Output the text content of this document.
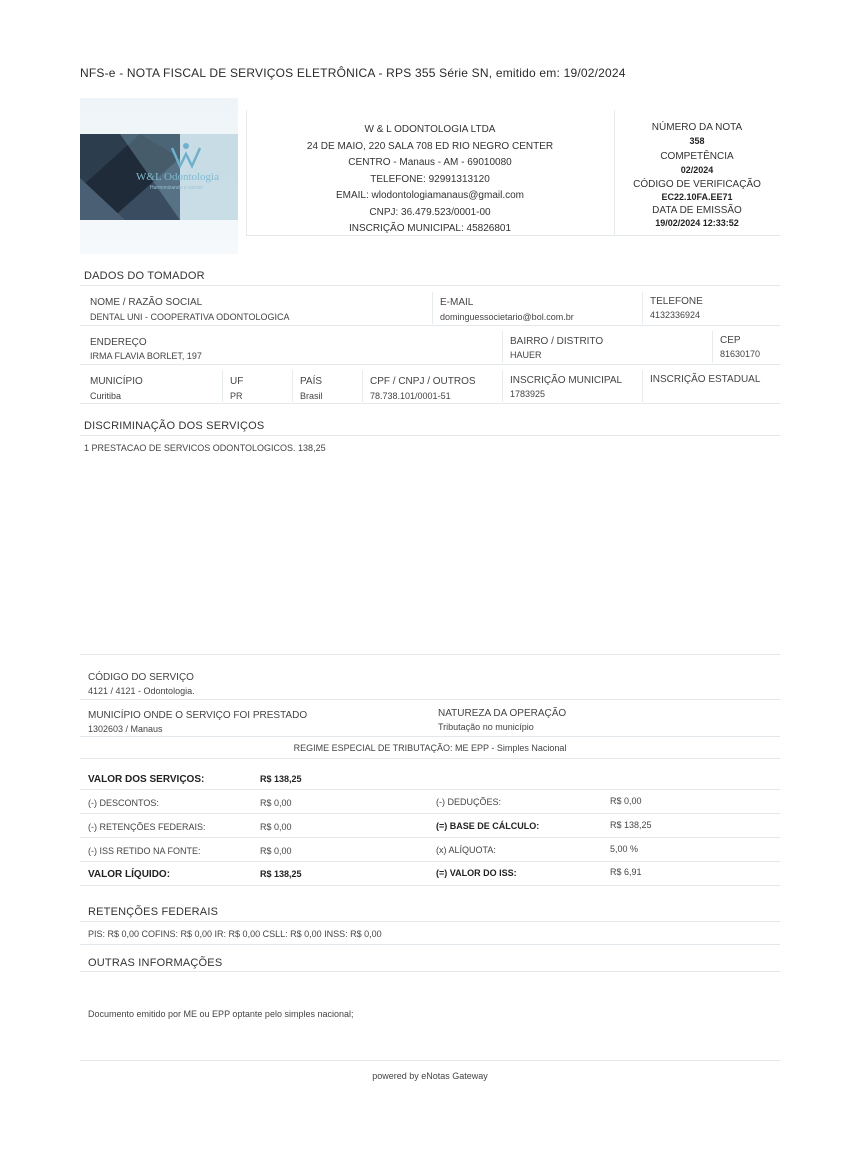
NFS-e - NOTA FISCAL DE SERVIÇOS ELETRÔNICA - RPS 355 Série SN, emitido em: 19/02/2024
W&L Odontologia
Harmonizando o sorriso
W & L ODONTOLOGIA LTDA
24 DE MAIO, 220 SALA 708 ED RIO NEGRO CENTER
CENTRO - Manaus - AM - 69010080
TELEFONE: 92991313120
EMAIL: wlodontologiamanaus@gmail.com
CNPJ: 36.479.523/0001-00
INSCRIÇÃO MUNICIPAL: 45826801
NÚMERO DA NOTA
358
COMPETÊNCIA
02/2024
CÓDIGO DE VERIFICAÇÃO
EC22.10FA.EE71
DATA DE EMISSÃO
19/02/2024 12:33:52
DADOS DO TOMADOR
NOME / RAZÃO SOCIAL
DENTAL UNI - COOPERATIVA ODONTOLOGICA
E-MAIL
dominguessocietario@bol.com.br
TELEFONE
4132336924
ENDEREÇO
IRMA FLAVIA BORLET, 197
BAIRRO / DISTRITO
HAUER
CEP
81630170
MUNICÍPIO
Curitiba
UF
PR
PAÍS
Brasil
CPF / CNPJ / OUTROS
78.738.101/0001-51
INSCRIÇÃO MUNICIPAL
1783925
INSCRIÇÃO ESTADUAL
DISCRIMINAÇÃO DOS SERVIÇOS
1 PRESTACAO DE SERVICOS ODONTOLOGICOS. 138,25
CÓDIGO DO SERVIÇO
4121 / 4121 - Odontologia.
MUNICÍPIO ONDE O SERVIÇO FOI PRESTADO
1302603 / Manaus
NATUREZA DA OPERAÇÃO
Tributação no município
REGIME ESPECIAL DE TRIBUTAÇÃO: ME EPP - Simples Nacional
VALOR DOS SERVIÇOS:	R$ 138,25
(-) DESCONTOS:	R$ 0,00	(-) DEDUÇÕES:	R$ 0,00
(-) RETENÇÕES FEDERAIS:	R$ 0,00	(=) BASE DE CÁLCULO:	R$ 138,25
(-) ISS RETIDO NA FONTE:	R$ 0,00	(x) ALÍQUOTA:	5,00 %
VALOR LÍQUIDO:	R$ 138,25	(=) VALOR DO ISS:	R$ 6,91
RETENÇÕES FEDERAIS
PIS: R$ 0,00 COFINS: R$ 0,00 IR: R$ 0,00 CSLL: R$ 0,00 INSS: R$ 0,00
OUTRAS INFORMAÇÕES
Documento emitido por ME ou EPP optante pelo simples nacional;
powered by eNotas Gateway
